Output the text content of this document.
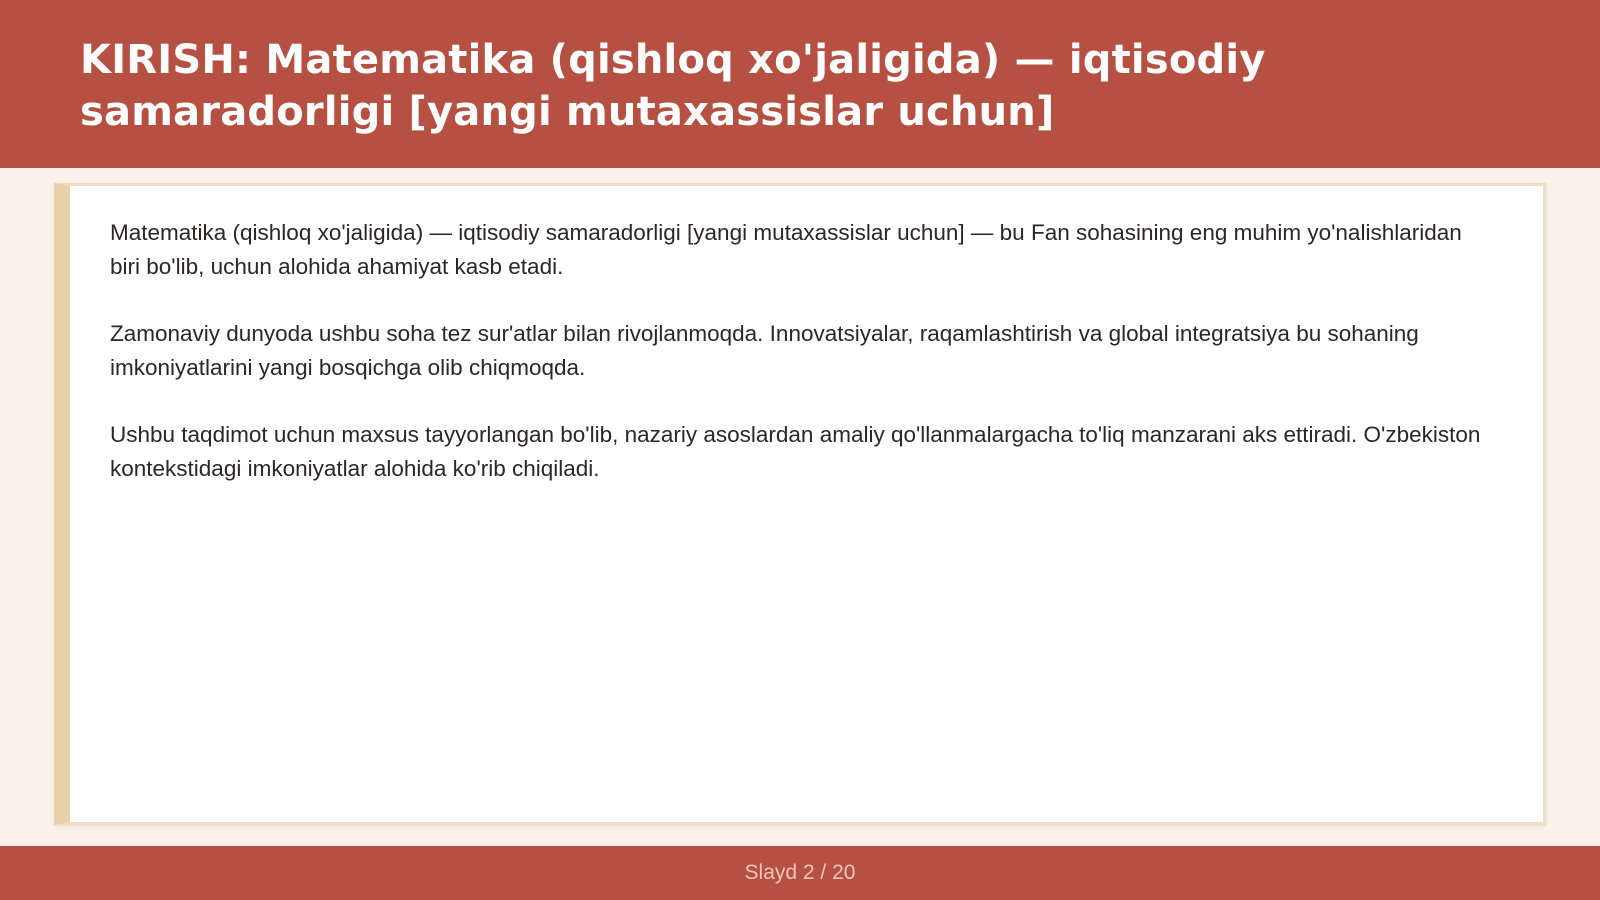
KIRISH: Matematika (qishloq xo'jaligida) — iqtisodiy samaradorligi [yangi mutaxassislar uchun]

Matematika (qishloq xo'jaligida) — iqtisodiy samaradorligi [yangi mutaxassislar uchun] — bu Fan sohasining eng muhim yo'nalishlaridan biri bo'lib, uchun alohida ahamiyat kasb etadi.

Zamonaviy dunyoda ushbu soha tez sur'atlar bilan rivojlanmoqda. Innovatsiyalar, raqamlashtirish va global integratsiya bu sohaning imkoniyatlarini yangi bosqichga olib chiqmoqda.

Ushbu taqdimot uchun maxsus tayyorlangan bo'lib, nazariy asoslardan amaliy qo'llanmalargacha to'liq manzarani aks ettiradi. O'zbekiston kontekstidagi imkoniyatlar alohida ko'rib chiqiladi.

Slayd 2 / 20
